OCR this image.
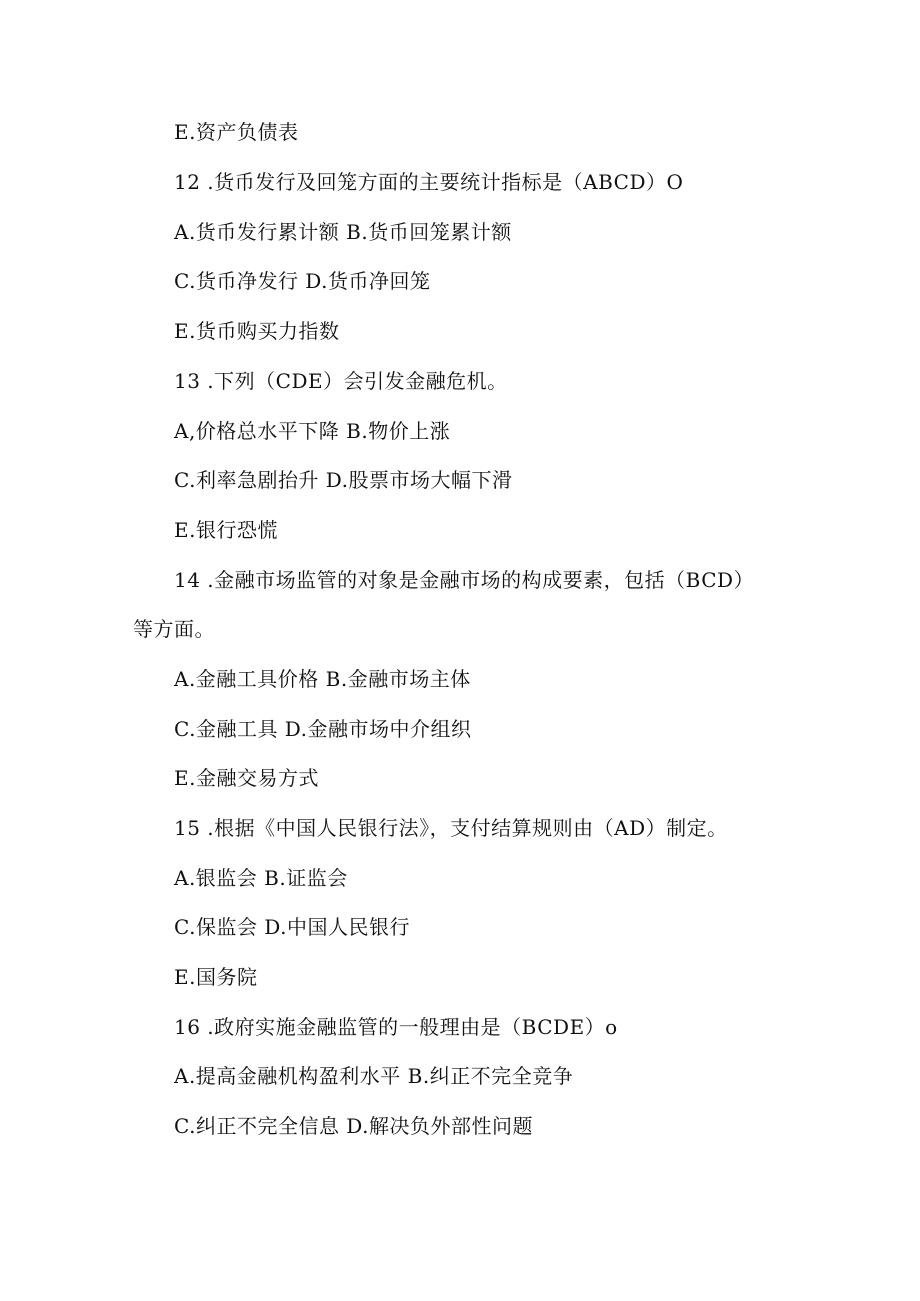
E.资产负债表

12 .货币发行及回笼方面的主要统计指标是（ABCD）O

A.货币发行累计额 B.货币回笼累计额

C.货币净发行 D.货币净回笼

E.货币购买力指数

13 .下列（CDE）会引发金融危机。

A,价格总水平下降 B.物价上涨

C.利率急剧抬升 D.股票市场大幅下滑

E.银行恐慌

14 .金融市场监管的对象是金融市场的构成要素，包括（BCD）

等方面。

A.金融工具价格 B.金融市场主体

C.金融工具 D.金融市场中介组织

E.金融交易方式

15 .根据《中国人民银行法》，支付结算规则由（AD）制定。

A.银监会 B.证监会

C.保监会 D.中国人民银行

E.国务院

16 .政府实施金融监管的一般理由是（BCDE）o

A.提高金融机构盈利水平 B.纠正不完全竞争

C.纠正不完全信息 D.解决负外部性问题
